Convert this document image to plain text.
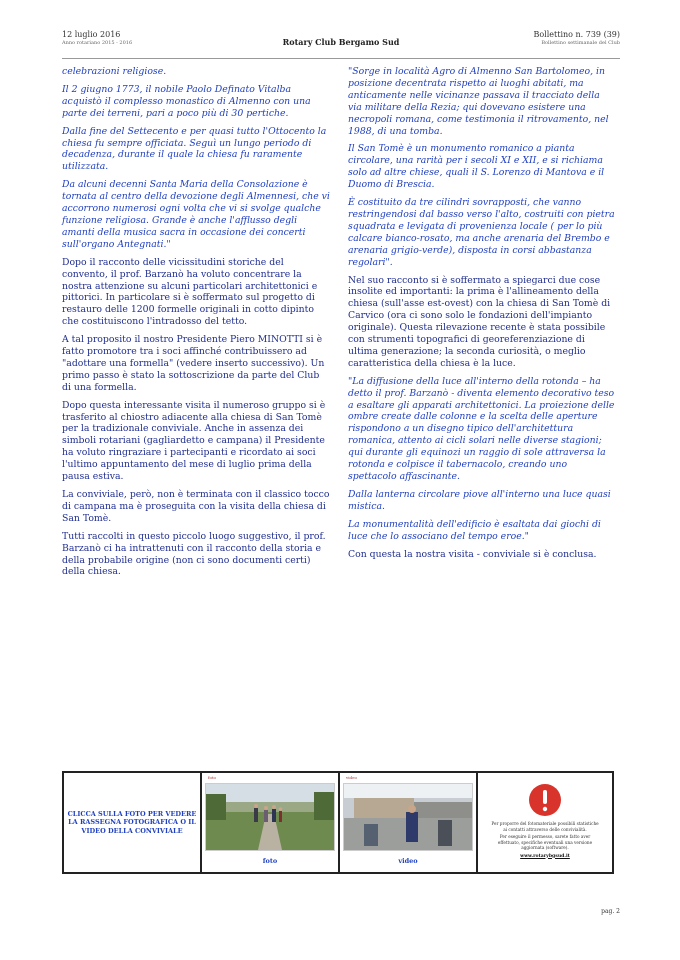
12 luglio 2016
Anno rotariano 2015 - 2016	Rotary Club Bergamo Sud
Bollettino n. 739 (39)
Bollettino settimanale del Club

celebrazioni religiose.

Il 2 giugno 1773, il nobile Paolo Definato Vitalba acquistò il complesso monastico di Almenno con una parte dei terreni, pari a poco più di 30 pertiche.

Dalla fine del Settecento e per quasi tutto l'Ottocento la chiesa fu sempre officiata. Seguì un lungo periodo di decadenza, durante il quale la chiesa fu raramente utilizzata.

Da alcuni decenni Santa Maria della Consolazione è tornata al centro della devozione degli Almennesi, che vi accorrono numerosi ogni volta che vi si svolge qualche funzione religiosa. Grande è anche l'afflusso degli amanti della musica sacra in occasione dei concerti sull'organo Antegnati."

Dopo il racconto delle vicissitudini storiche del convento, il prof. Barzanò ha voluto concentrare la nostra attenzione su alcuni particolari architettonici e pittorici. In particolare si è soffermato sul progetto di restauro delle 1200 formelle originali in cotto dipinto che costituiscono l'intradosso del tetto.

A tal proposito il nostro Presidente Piero MINOTTI si è fatto promotore tra i soci affinché contribuissero ad "adottare una formella" (vedere inserto successivo). Un primo passo è stato la sottoscrizione da parte del Club di una formella.

Dopo questa interessante visita il numeroso gruppo si è trasferito al chiostro adiacente alla chiesa di San Tomè per la tradizionale conviviale. Anche in assenza dei simboli rotariani (gagliardetto e campana) il Presidente ha voluto ringraziare i partecipanti e ricordato ai soci l'ultimo appuntamento del mese di luglio prima della pausa estiva.

La conviviale, però, non è terminata con il classico tocco di campana ma è proseguita con la visita della chiesa di San Tomè.

Tutti raccolti in questo piccolo luogo suggestivo, il prof. Barzanò ci ha intrattenuti con il racconto della storia e della probabile origine (non ci sono documenti certi) della chiesa.

"Sorge in località Agro di Almenno San Bartolomeo, in posizione decentrata rispetto ai luoghi abitati, ma anticamente nelle vicinanze passava il tracciato della via militare della Rezia; qui dovevano esistere una necropoli romana, come testimonia il ritrovamento, nel 1988, di una tomba.

Il San Tomè è un monumento romanico a pianta circolare, una rarità per i secoli XI e XII, e si richiama solo ad altre chiese, quali il S. Lorenzo di Mantova e il Duomo di Brescia.

È costituito da tre cilindri sovrapposti, che vanno restringendosi dal basso verso l'alto, costruiti con pietra squadrata e levigata di provenienza locale ( per lo più calcare bianco-rosato, ma anche arenaria del Brembo e arenaria grigio-verde), disposta in corsi abbastanza regolari".

Nel suo racconto si è soffermato a spiegarci due cose insolite ed importanti: la prima è l'allineamento della chiesa (sull'asse est-ovest) con la chiesa di San Tomè di Carvico (ora ci sono solo le fondazioni dell'impianto originale). Questa rilevazione recente è stata possibile con strumenti topografici di georeferenziazione di ultima generazione; la seconda curiosità, o meglio caratteristica della chiesa è la luce.

"La diffusione della luce all'interno della rotonda – ha detto il prof. Barzanò - diventa elemento decorativo teso a esaltare gli apparati architettonici. La proiezione delle ombre create dalle colonne e la scelta delle aperture rispondono a un disegno tipico dell'architettura romanica, attento ai cicli solari nelle diverse stagioni; qui durante gli equinozi un raggio di sole attraversa la rotonda e colpisce il tabernacolo, creando uno spettacolo affascinante.

Dalla lanterna circolare piove all'interno una luce quasi mistica.

La monumentalità dell'edificio è esaltata dai giochi di luce che lo associano del tempo eroe."

Con questa la nostra visita - conviviale si è conclusa.

CLICCA SULLA FOTO PER VEDERE LA RASSEGNA FOTOGRAFICA O IL VIDEO DELLA CONVIVIALE
foto
foto
video
video
Per proporre del fotomateriale possibili statistiche ai contatti attraverso delle convivialità.
Per eseguire il permesso, sarete fatto aver effettuato, specifiche eventuali una versione aggiornata (software).
www.rotarybgsud.it
pag. 2
